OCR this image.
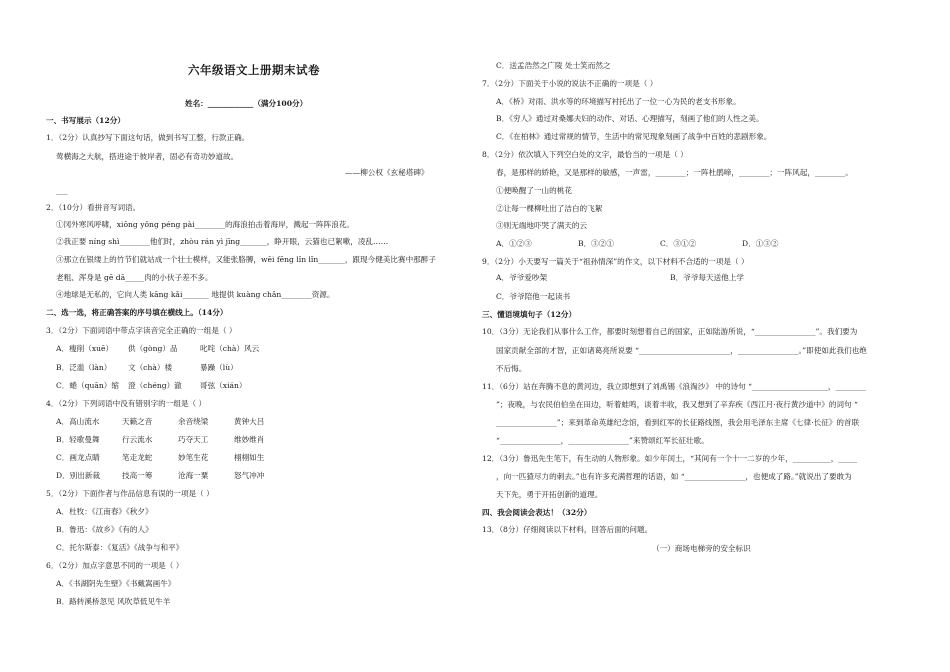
六年级语文上册期末试卷
姓名：____________（满分100分）
一、书写展示（12分）
1．（2分）认真抄写下面这句话，做到书写工整，行款正确。
莺横海之大航，搭进途于彼岸者，固必有奇功妙道故。
——柳公权《玄秘塔碑》
___
2．（10分）看拼音写词语。
①冈外寒风呼啸，xiōng yǒng péng pài________的海浪拍击着海岸，溅起一阵阵浪花。
②我正要 níng shì________他们时，zhòu rán yì jīng_______，睁开眼，云猫也已絮嗽，凌乱……
③那立在银缕上的竹节们就站成一个壮士模样，又能张胳膊，wēi fēng lǐn lǐn_______，跟现今健美比赛中那醉子
老粗、浑身是 gē dā_____肉的小伙子差不多。
④地球是无私的，它向人类 kāng kǎi_______ 地提供 kuàng chǎn________资源。
二、选一选，将正确答案的序号填在横线上。（14分）
3．（2分）下面词语中带点字读音完全正确的一组是（ ）
A．瘦削（xuē） 供（gòng）品	叱咤（chà）风云
B．泛滥（làn） 文（chà）楼	暴躁（lù）
C．蜷（quān）缩 澄（chéng）澈 哥弦（xián）
4．（2分）下列词语中没有错别字的一组是（ ）
A．高山流水	天籁之音	余音绕梁	黄钟大吕
B．轻歌曼舞	行云流水	巧夺天工	维妙维肖
C．画龙点睛	笔走龙蛇	妙笔生花	栩栩如生
D．别出新裁	技高一筹	沧海一粟	怒气冲冲
5．（2分）下面作者与作品信息有误的一项是（ ）
A．杜牧：《江南春》《秋夕》
B．鲁迅：《故乡》《有的人》
C．托尔斯泰：《复活》《战争与和平》
6．（2分）加点字意思不同的一项是（ ）
A．《书湖阴先生壁》《书戴嵩画牛》
B．路转溪桥忽见 风吹草低见牛羊
C．送孟浩然之广陵 处士笑而然之
7．（2分）下面关于小说的说法不正确的一项是（ ）
A．《桥》对雨、洪水等的环境描写衬托出了一位一心为民的老支书形象。
B．《穷人》通过对桑娜夫妇的动作、对话、心理描写，刻画了他们的人性之美。
C．《在柏林》通过常规的情节，生活中的常见现象刻画了战争中百姓的悲剧形象。
8．（2分）依次填入下列空白处的文字，最恰当的一项是（ ）
春，是那样的娇艳，又是那样的敏感，一声雷，________；一阵杜鹃啼，________；一阵风起，________。
①便唤醒了一山的桃花
②让每一棵柳吐出了洁白的飞絮
③则无端地吓哭了满天的云
A．①②③	B．③②①	C．③①②	D．①③②
9．（2分）小天要写一篇关于“祖孙情深”的作文，以下材料不合适的一项是（ ）
A．爷爷爱吵架	B．爷爷每天送他上学
C．爷爷陪他一起读书
三、懂语境填句子（12分）
10．（3分）无论我们从事什么工作，都要时刻想着自己的国家，正如陆游所说，“________________”。我们要为
国家贡献全部的才智，正如诸葛亮所说要 “________________________，________________。”即使如此我们也绝
不后悔。
11．（6分）站在奔腾不息的黄河边，我立即想到了刘禹锡《浪淘沙》 中的诗句 “____________________，________
”；夜晚，与农民伯伯坐在田边，听着蛙鸣，谈着丰收，我又想到了辛弃疾《西江月·夜行黄沙道中》的词句 “
________________”；来到革命英雄纪念馆，看到红军的长征路线图，我会用毛泽东主席《七律·长征》的首联
“________________，________________”来赞颂红军长征壮歌。
12．（3分）鲁迅先生笔下，有生动的人物形象。如少年闰土，“其间有一个十一二岁的少年，__________，_____
，向一匹猹尽力的刺去。”也有许多充满哲理的话语，如 “________________，也便成了路。”就说出了要敢为
天下先，勇于开拓创新的道理。
四、我会阅读会表达！（32分）
13．（8分）仔细阅读以下材料，回答后面的问题。
（一）商场电梯旁的安全标识
